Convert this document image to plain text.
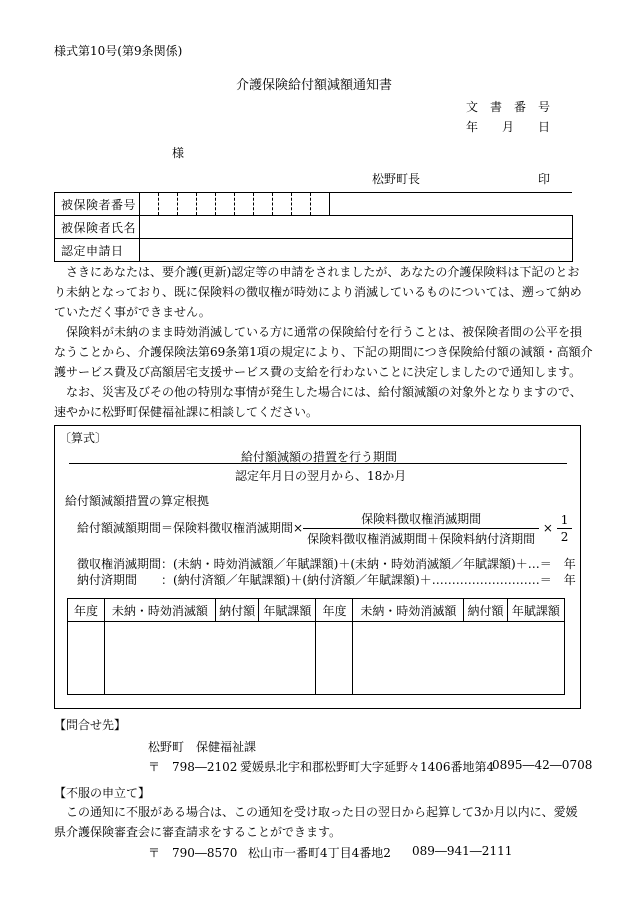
様式第10号(第9条関係)
介護保険給付額減額通知書
文　書　番　号
年　　月　　日
様
松野町長	印
被保険者番号											
被保険者氏名											
認定申請日											
　さきにあなたは、要介護(更新)認定等の申請をされましたが、あなたの介護保険料は下記のとお
り未納となっており、既に保険料の徴収権が時効により消滅しているものについては、遡って納め
ていただく事ができません。
　保険料が未納のまま時効消滅している方に通常の保険給付を行うことは、被保険者間の公平を損
なうことから、介護保険法第69条第1項の規定により、下記の期間につき保険給付額の減額・高額介
護サービス費及び高額居宅支援サービス費の支給を行わないことに決定しましたので通知します。
　なお、災害及びその他の特別な事情が発生した場合には、給付額減額の対象外となりますので、
速やかに松野町保健福祉課に相談してください。
〔算式〕
給付額減額の措置を行う期間
認定年月日の翌月から、18か月
給付額減額措置の算定根拠
給付額減額期間＝保険料徴収権消滅期間× $\frac{\text{保険料徴収権消滅期間}}{\text{保険料徴収権消滅期間＋保険料納付済期間}} \times \frac{1}{2}$
徴収権消滅期間：(未納・時効消滅額／年賦課額)＋(未納・時効消滅額／年賦課額)＋…＝　年
納付済期間　　：(納付済額／年賦課額)＋(納付済額／年賦課額)＋………………………＝　年
年度	未納・時効消滅額	納付額	年賦課額	年度	未納・時効消滅額	納付額	年賦課額

【問合せ先】
松野町　保健福祉課
〒　798―2102 愛媛県北宇和郡松野町大字延野々1406番地第4
0895―42―0708
【不服の申立て】
　この通知に不服がある場合は、この通知を受け取った日の翌日から起算して3か月以内に、愛媛
県介護保険審査会に審査請求をすることができます。
〒　790―8570 松山市一番町4丁目4番地2 089―941―2111
